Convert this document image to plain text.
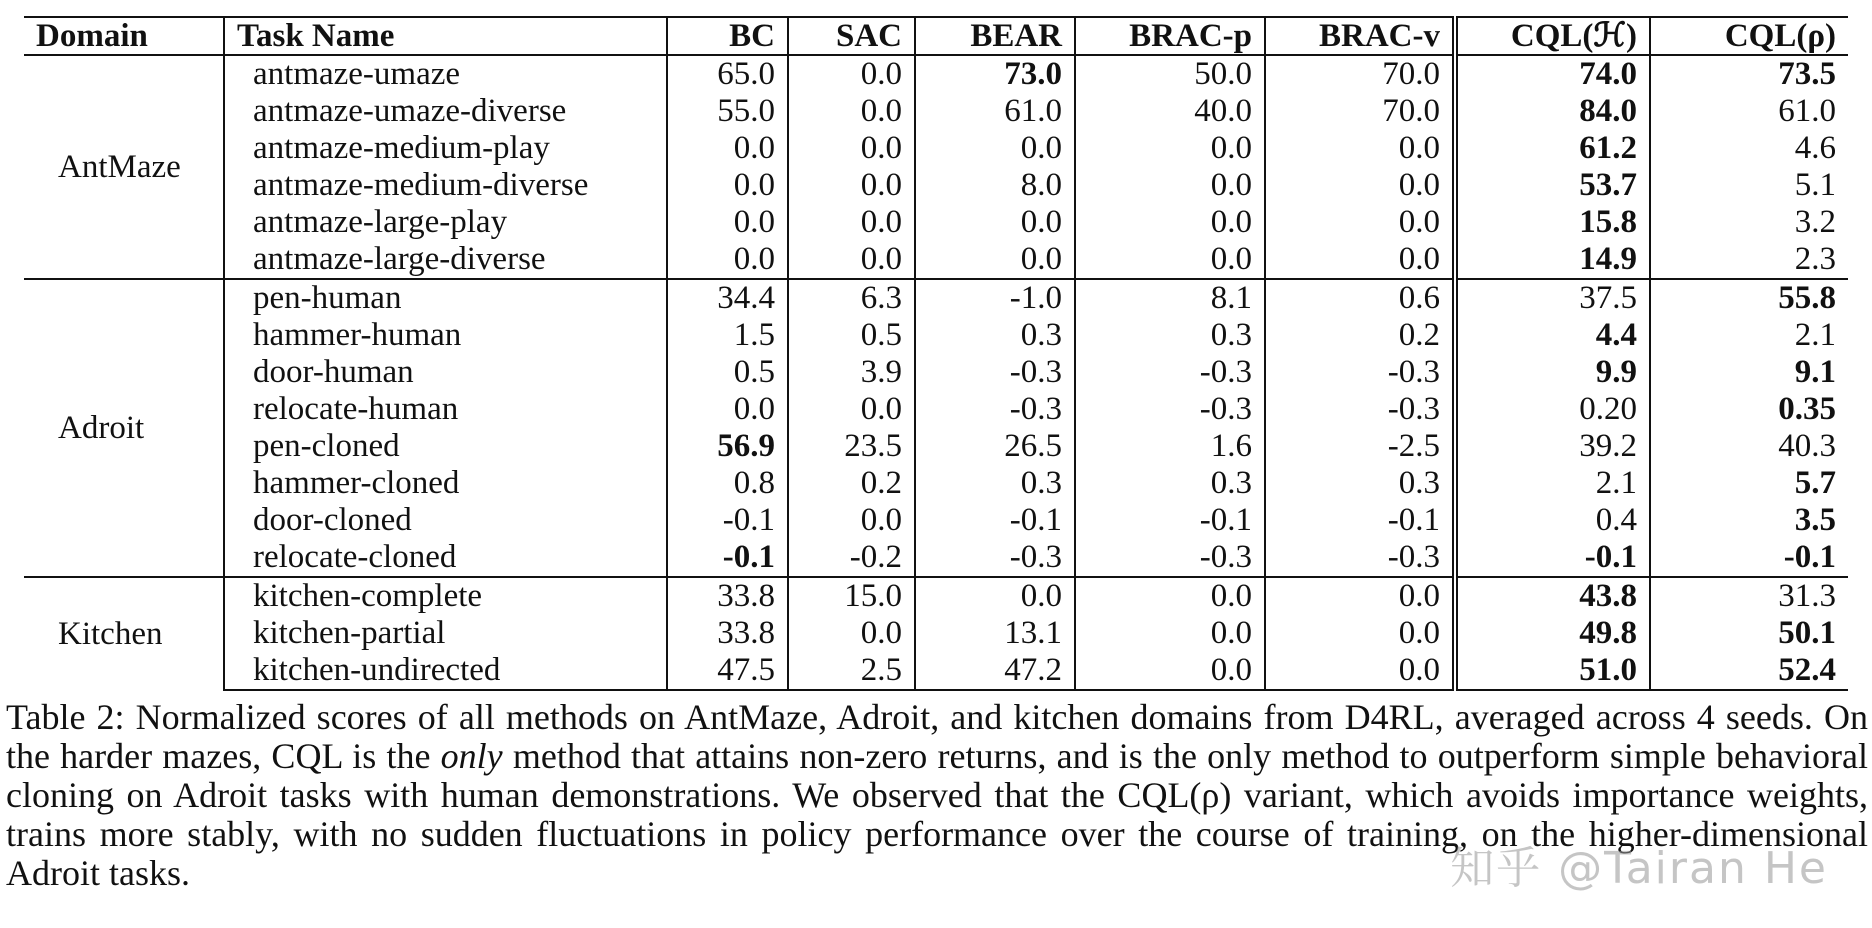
Domain	Task Name	BC	SAC	BEAR	BRAC-p	BRAC-v	CQL(ℋ)	CQL(ρ)
AntMaze	antmaze-umaze	65.0	0.0	73.0	50.0	70.0	74.0	73.5
	antmaze-umaze-diverse	55.0	0.0	61.0	40.0	70.0	84.0	61.0
	antmaze-medium-play	0.0	0.0	0.0	0.0	0.0	61.2	4.6
	antmaze-medium-diverse	0.0	0.0	8.0	0.0	0.0	53.7	5.1
	antmaze-large-play	0.0	0.0	0.0	0.0	0.0	15.8	3.2
	antmaze-large-diverse	0.0	0.0	0.0	0.0	0.0	14.9	2.3
Adroit	pen-human	34.4	6.3	-1.0	8.1	0.6	37.5	55.8
	hammer-human	1.5	0.5	0.3	0.3	0.2	4.4	2.1
	door-human	0.5	3.9	-0.3	-0.3	-0.3	9.9	9.1
	relocate-human	0.0	0.0	-0.3	-0.3	-0.3	0.20	0.35
	pen-cloned	56.9	23.5	26.5	1.6	-2.5	39.2	40.3
	hammer-cloned	0.8	0.2	0.3	0.3	0.3	2.1	5.7
	door-cloned	-0.1	0.0	-0.1	-0.1	-0.1	0.4	3.5
	relocate-cloned	-0.1	-0.2	-0.3	-0.3	-0.3	-0.1	-0.1
Kitchen	kitchen-complete	33.8	15.0	0.0	0.0	0.0	43.8	31.3
	kitchen-partial	33.8	0.0	13.1	0.0	0.0	49.8	50.1
	kitchen-undirected	47.5	2.5	47.2	0.0	0.0	51.0	52.4

Table 2: Normalized scores of all methods on AntMaze, Adroit, and kitchen domains from D4RL, averaged across 4 seeds. On the harder mazes, CQL is the only method that attains non-zero returns, and is the only method to outperform simple behavioral cloning on Adroit tasks with human demonstrations. We observed that the CQL(ρ) variant, which avoids importance weights, trains more stably, with no sudden fluctuations in policy performance over the course of training, on the higher-dimensional Adroit tasks.	知乎 @Tairan He
